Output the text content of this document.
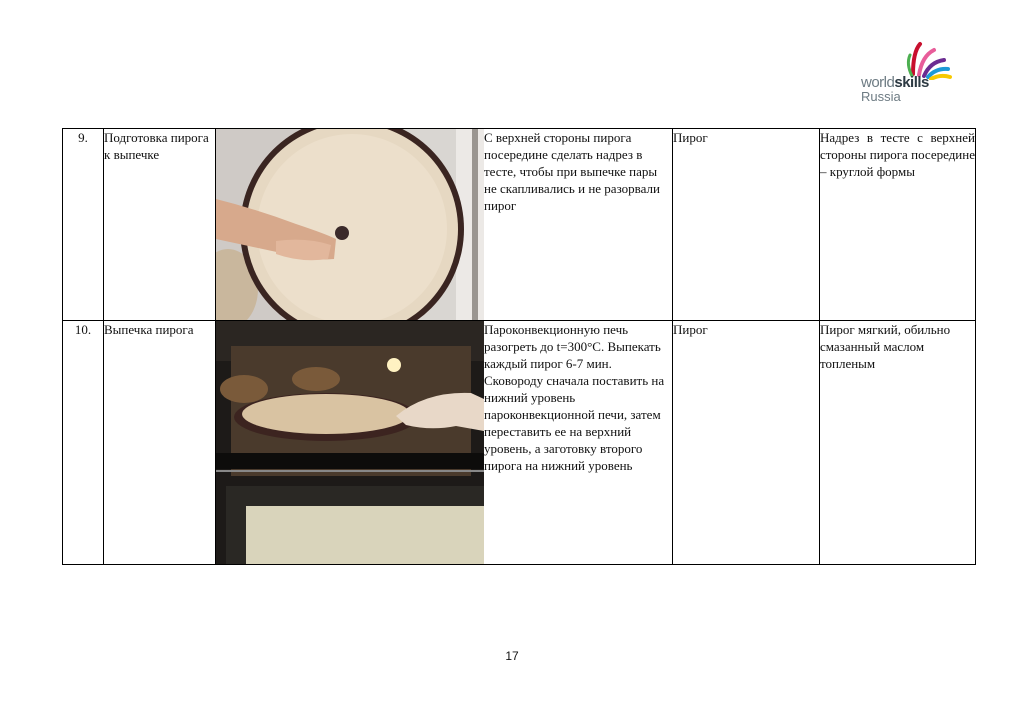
worldskills
Russia
9.	Подготовка пирога к выпечке		С верхней стороны пирога посередине сделать надрез в тесте, чтобы при выпечке пары не скапливались и не разорвали пирог	Пирог	Надрез в тесте с верхней стороны пирога посередине – круглой формы
10.	Выпечка пирога		Пароконвекционную печь разогреть до t=300°C. Выпекать каждый пирог 6-7 мин. Сковороду сначала поставить на нижний уровень пароконвекционной печи, затем переставить ее на верхний уровень, а заготовку второго пирога на нижний уровень	Пирог	Пирог мягкий, обильно смазанный маслом топленым
17
